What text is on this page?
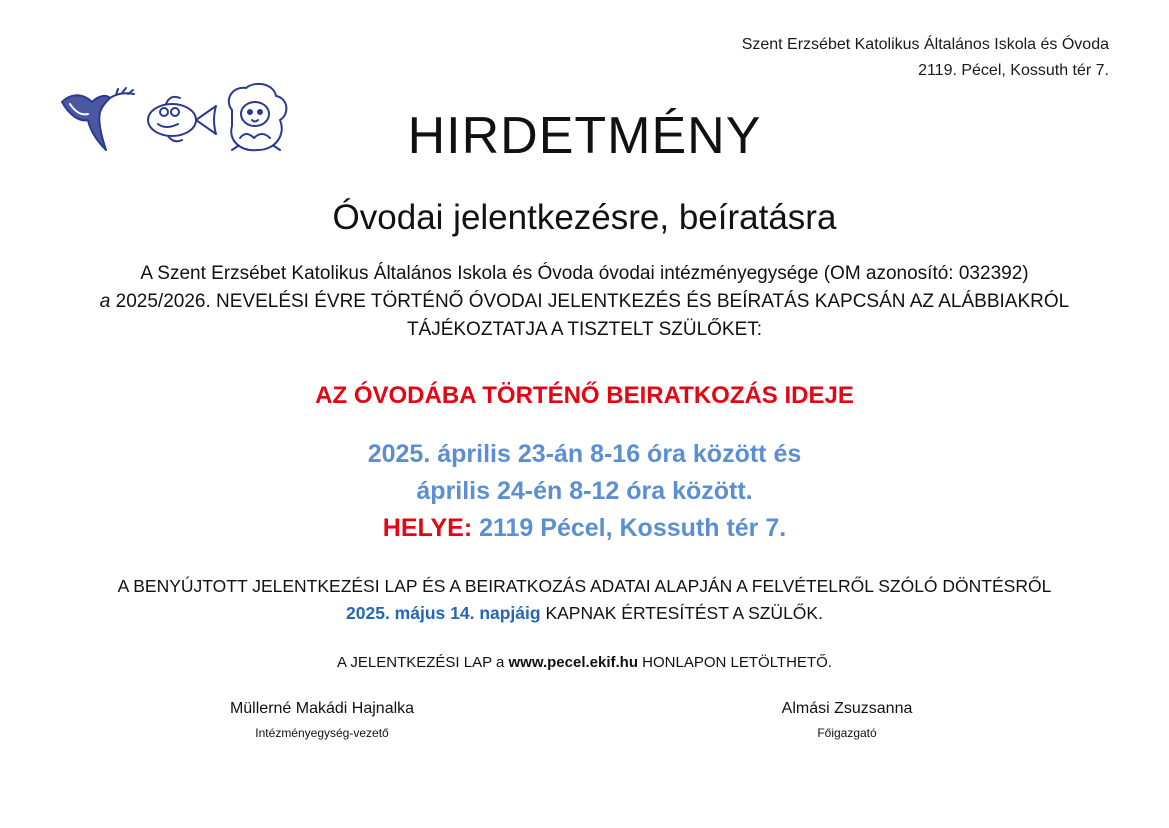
Szent Erzsébet Katolikus Általános Iskola és Óvoda
2119. Pécel, Kossuth tér 7.
HIRDETMÉNY
Óvodai jelentkezésre, beíratásra
A Szent Erzsébet Katolikus Általános Iskola és Óvoda óvodai intézményegysége (OM azonosító: 032392)
a 2025/2026. NEVELÉSI ÉVRE TÖRTÉNŐ ÓVODAI JELENTKEZÉS ÉS BEÍRATÁS KAPCSÁN AZ ALÁBBIAKRÓL
TÁJÉKOZTATJA A TISZTELT SZÜLŐKET:
AZ ÓVODÁBA TÖRTÉNŐ BEIRATKOZÁS IDEJE
2025. április 23-án 8-16 óra között és
április 24-én 8-12 óra között.
HELYE: 2119 Pécel, Kossuth tér 7.
A BENYÚJTOTT JELENTKEZÉSI LAP ÉS A BEIRATKOZÁS ADATAI ALAPJÁN A FELVÉTELRŐL SZÓLÓ DÖNTÉSRŐL
2025. május 14. napjáig KAPNAK ÉRTESÍTÉST A SZÜLŐK.
A JELENTKEZÉSI LAP a www.pecel.ekif.hu HONLAPON LETÖLTHETŐ.
Müllerné Makádi Hajnalka
Intézményegység-vezető
Almási Zsuzsanna
Főigazgató
